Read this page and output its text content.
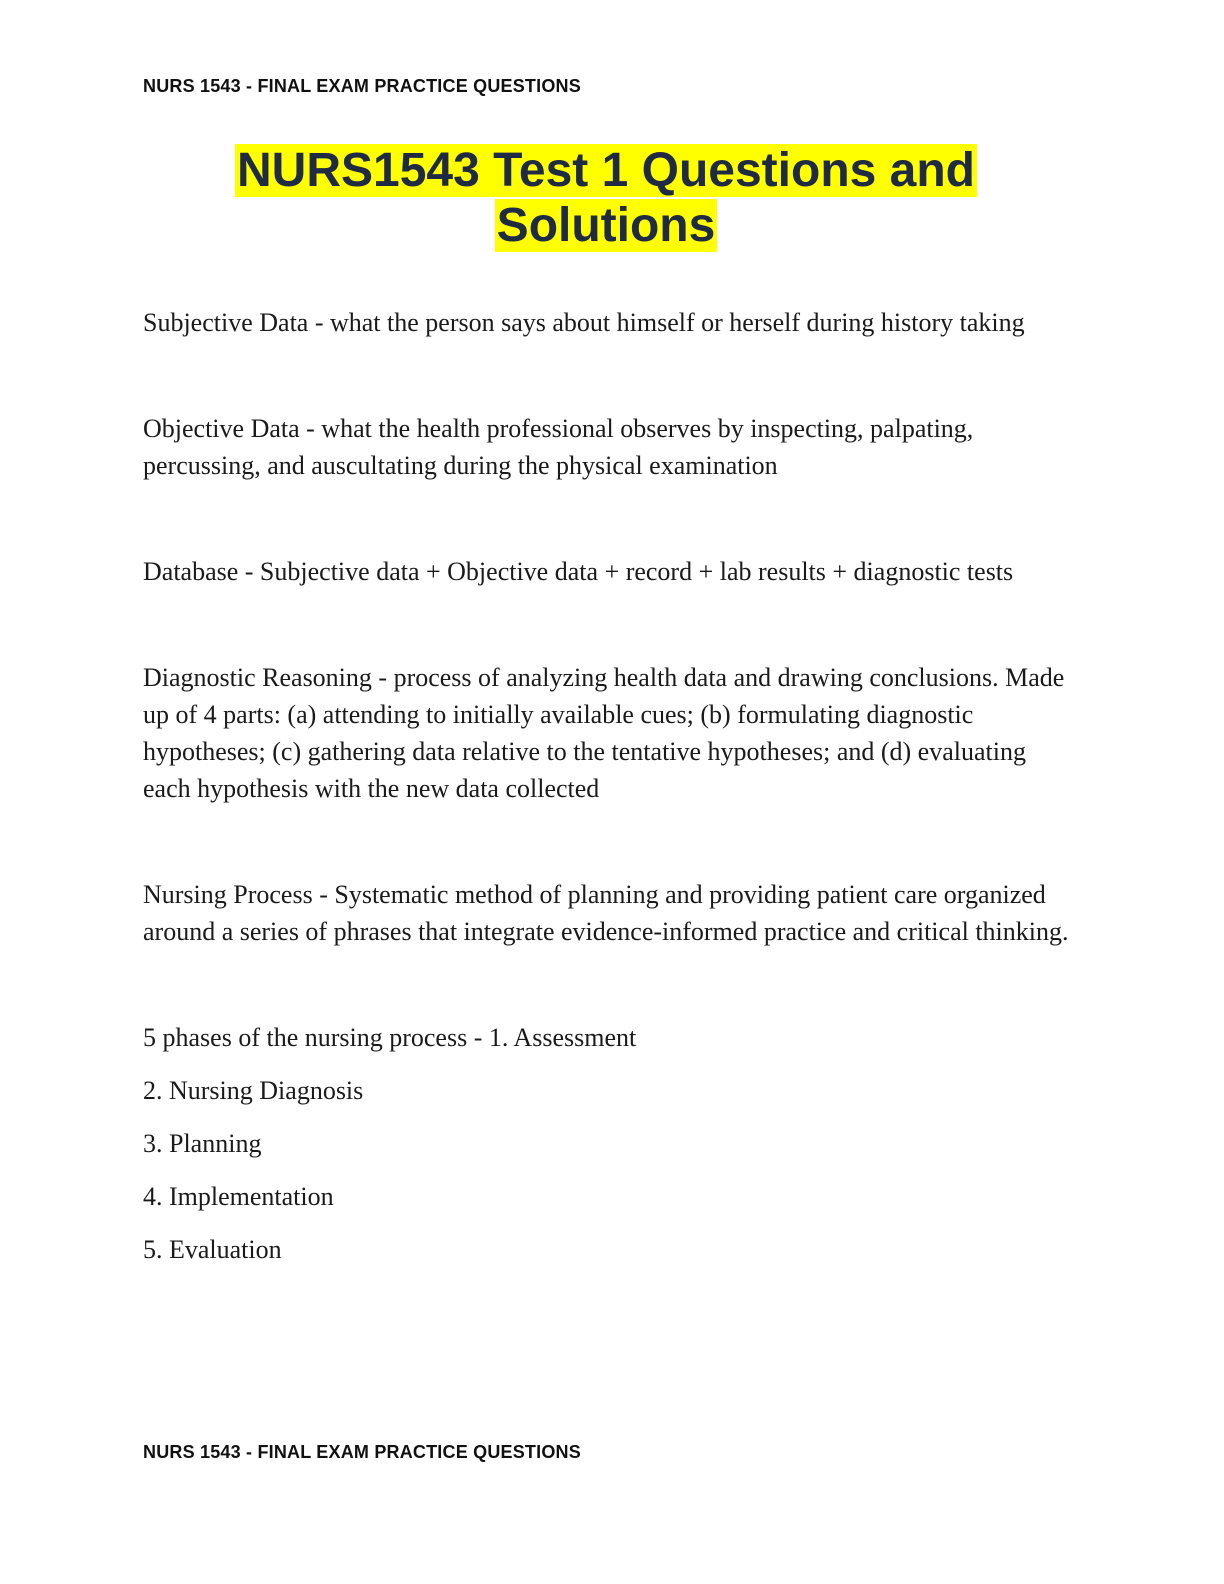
NURS 1543 - FINAL EXAM PRACTICE QUESTIONS
NURS1543 Test 1 Questions and
Solutions

Subjective Data - what the person says about himself or herself during history taking

Objective Data - what the health professional observes by inspecting, palpating, percussing, and auscultating during the physical examination

Database - Subjective data + Objective data + record + lab results + diagnostic tests

Diagnostic Reasoning - process of analyzing health data and drawing conclusions. Made up of 4 parts: (a) attending to initially available cues; (b) formulating diagnostic hypotheses; (c) gathering data relative to the tentative hypotheses; and (d) evaluating each hypothesis with the new data collected

Nursing Process - Systematic method of planning and providing patient care organized around a series of phrases that integrate evidence-informed practice and critical thinking.

5 phases of the nursing process - 1. Assessment

2. Nursing Diagnosis

3. Planning

4. Implementation

5. Evaluation

NURS 1543 - FINAL EXAM PRACTICE QUESTIONS
